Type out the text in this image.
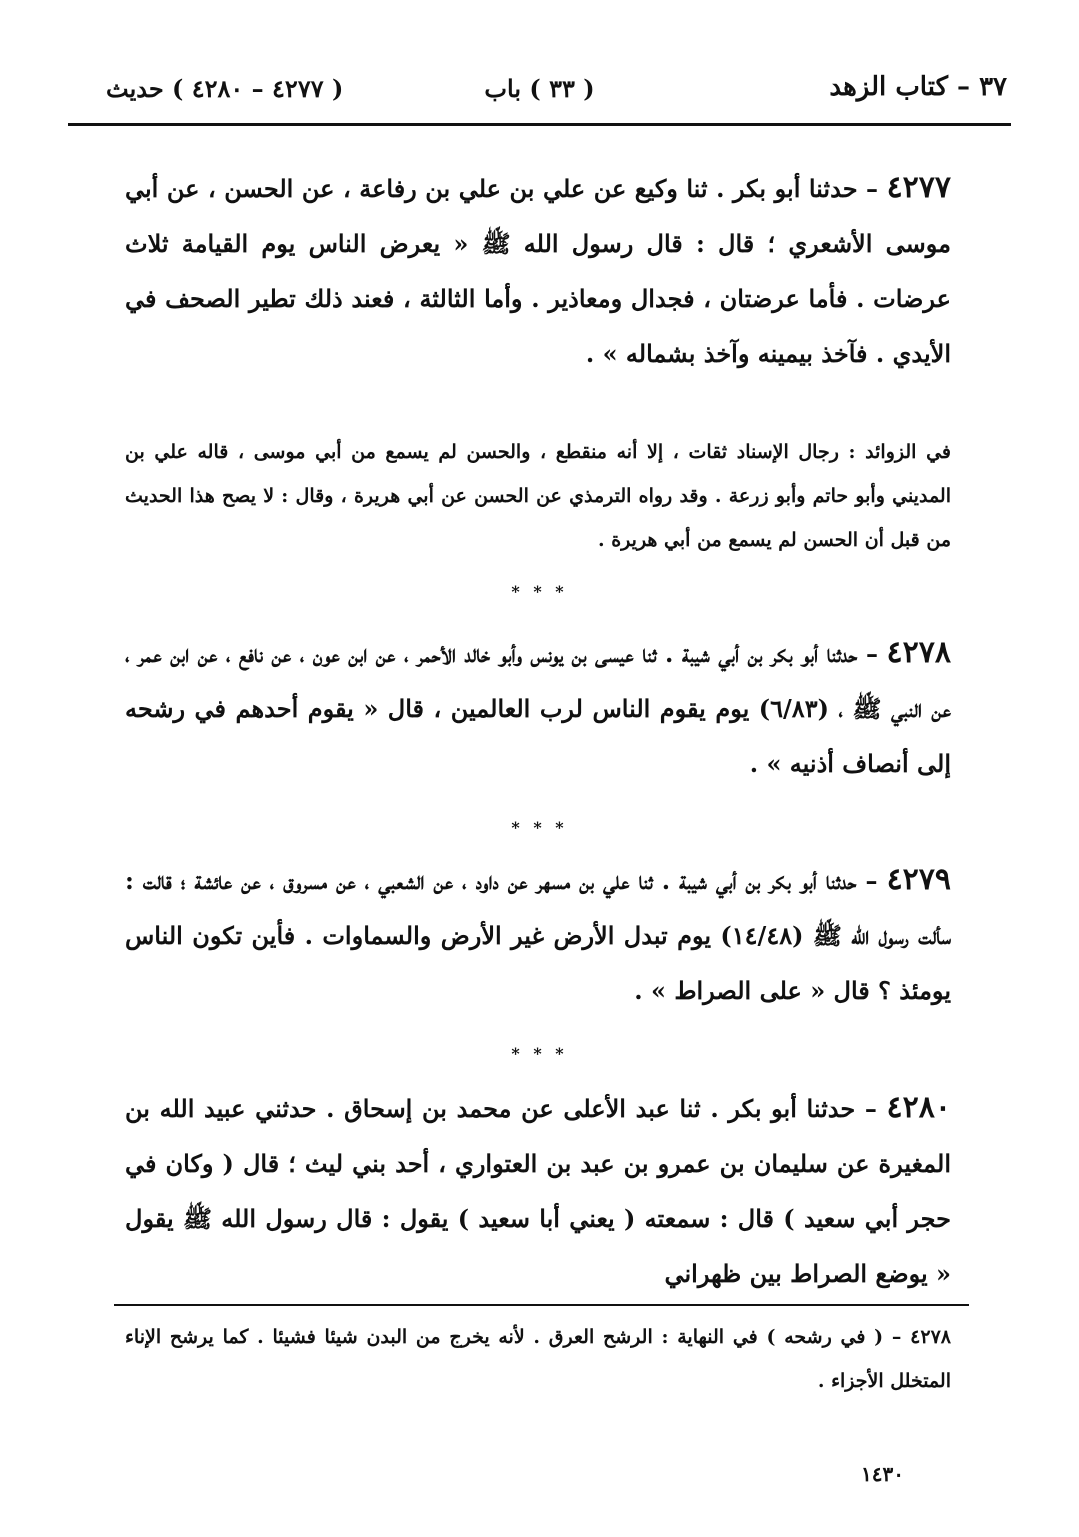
٣٧ – كتاب الزهد
( ٣٣ ) باب
( ٤٢٧٧ – ٤٢٨٠ ) حديث
٤٢٧٧ – حدثنا أبو بكر . ثنا وكيع عن علي بن علي بن رفاعة ، عن الحسن ، عن أبي موسى الأشعري ؛ قال : قال رسول الله ﷺ « يعرض الناس يوم القيامة ثلاث عرضات . فأما عرضتان ، فجدال ومعاذير . وأما الثالثة ، فعند ذلك تطير الصحف في الأيدي . فآخذ بيمينه وآخذ بشماله » .
في الزوائد : رجال الإسناد ثقات ، إلا أنه منقطع ، والحسن لم يسمع من أبي موسى ، قاله علي بن المديني وأبو حاتم وأبو زرعة . وقد رواه الترمذي عن الحسن عن أبي هريرة ، وقال : لا يصح هذا الحديث من قبل أن الحسن لم يسمع من أبي هريرة .
* * *
٤٢٧٨ – حدثنا أبو بكر بن أبي شيبة . ثنا عيسى بن يونس وأبو خالد الأحمر ، عن ابن عون ، عن نافع ، عن ابن عمر ، عن النبي ﷺ ، (٦/٨٣) يوم يقوم الناس لرب العالمين ، قال « يقوم أحدهم في رشحه إلى أنصاف أذنيه » .
* * *
٤٢٧٩ – حدثنا أبو بكر بن أبي شيبة . ثنا علي بن مسهر عن داود ، عن الشعبي ، عن مسروق ، عن عائشة ؛ قالت : سألت رسول الله ﷺ (١٤/٤٨) يوم تبدل الأرض غير الأرض والسماوات . فأين تكون الناس يومئذ ؟ قال « على الصراط » .
* * *
٤٢٨٠ – حدثنا أبو بكر . ثنا عبد الأعلى عن محمد بن إسحاق . حدثني عبيد الله بن المغيرة عن سليمان بن عمرو بن عبد بن العتواري ، أحد بني ليث ؛ قال ( وكان في حجر أبي سعيد ) قال : سمعته ( يعني أبا سعيد ) يقول : قال رسول الله ﷺ يقول « يوضع الصراط بين ظهراني
٤٢٧٨ – ( في رشحه ) في النهاية : الرشح العرق . لأنه يخرج من البدن شيئا فشيئا . كما يرشح الإناء المتخلل الأجزاء .
١٤٣٠
